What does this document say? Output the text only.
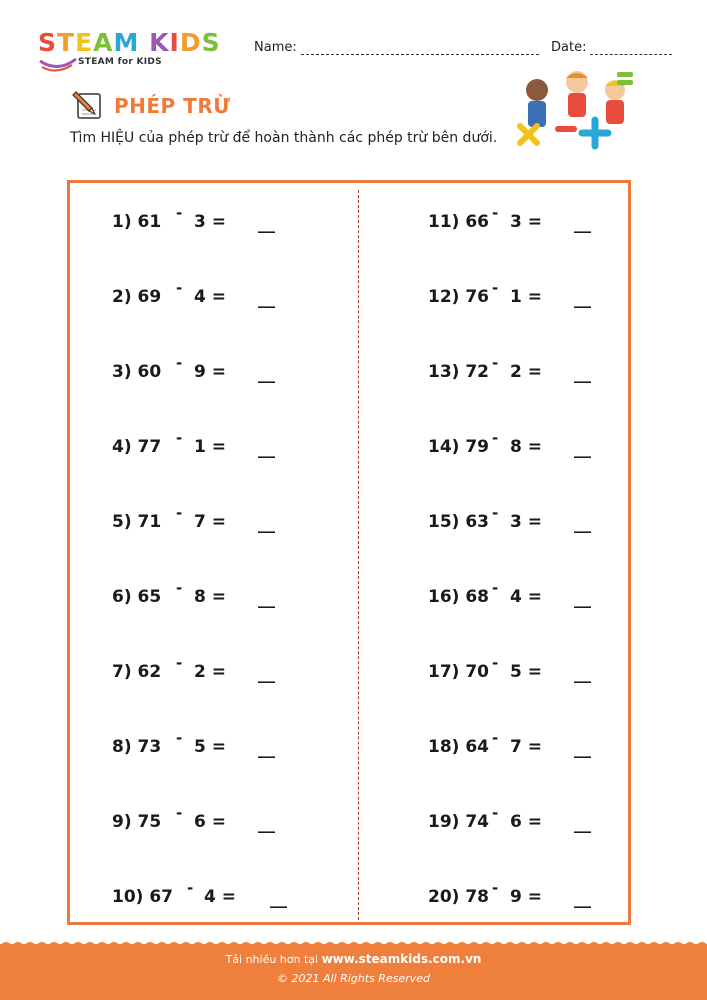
STEAM KIDS
STEAM for KIDS
Name:	Date:
PHÉP TRỪ
Tìm HIỆU của phép trừ để hoàn thành các phép trừ bên dưới.
1) 61 - 3 = __
2) 69 - 4 = __
3) 60 - 9 = __
4) 77 - 1 = __
5) 71 - 7 = __
6) 65 - 8 = __
7) 62 - 2 = __
8) 73 - 5 = __
9) 75 - 6 = __
10) 67 - 4 = __
11) 66 - 3 = __
12) 76 - 1 = __
13) 72 - 2 = __
14) 79 - 8 = __
15) 63 - 3 = __
16) 68 - 4 = __
17) 70 - 5 = __
18) 64 - 7 = __
19) 74 - 6 = __
20) 78 - 9 = __
Tải nhiều hơn tại www.steamkids.com.vn
© 2021 All Rights Reserved
